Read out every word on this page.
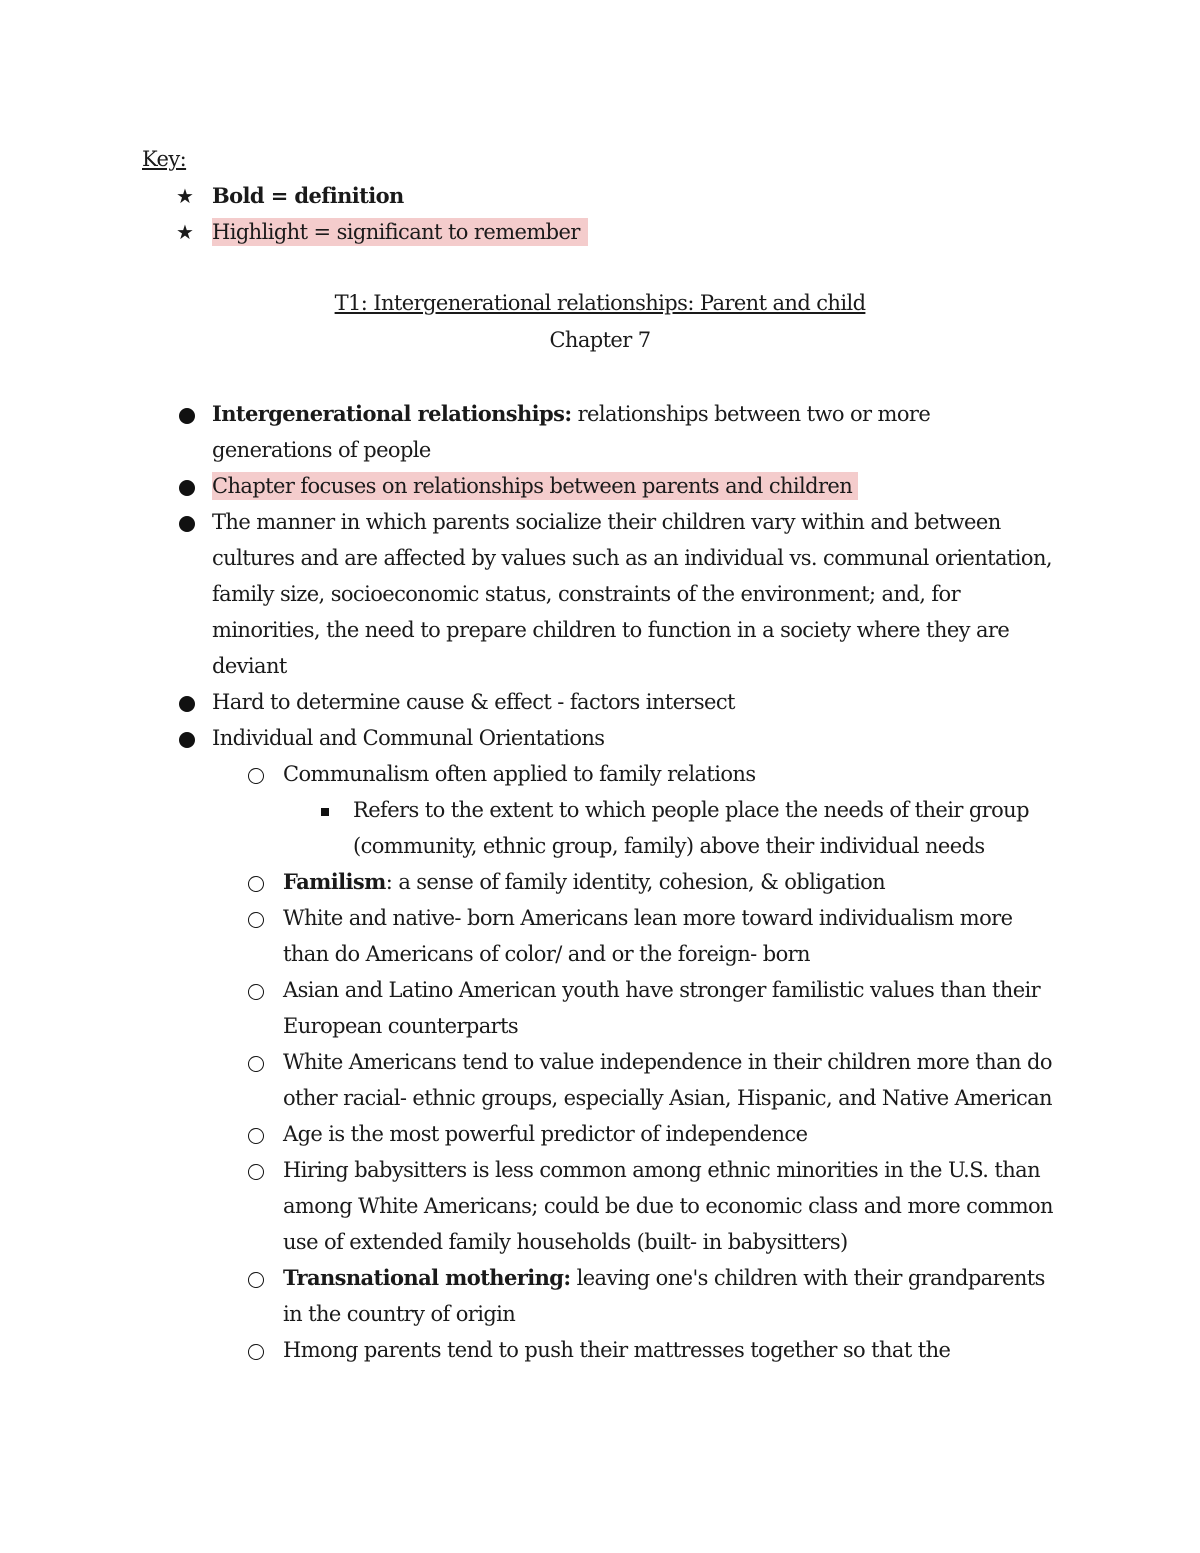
Key:
★ Bold = definition
★ Highlight = significant to remember
T1: Intergenerational relationships: Parent and child
Chapter 7
Intergenerational relationships: relationships between two or more generations of people
Chapter focuses on relationships between parents and children
The manner in which parents socialize their children vary within and between cultures and are affected by values such as an individual vs. communal orientation, family size, socioeconomic status, constraints of the environment; and, for minorities, the need to prepare children to function in a society where they are deviant
Hard to determine cause & effect - factors intersect
Individual and Communal Orientations
Communalism often applied to family relations
Refers to the extent to which people place the needs of their group (community, ethnic group, family) above their individual needs
Familism: a sense of family identity, cohesion, & obligation
White and native- born Americans lean more toward individualism more than do Americans of color/ and or the foreign- born
Asian and Latino American youth have stronger familistic values than their European counterparts
White Americans tend to value independence in their children more than do other racial- ethnic groups, especially Asian, Hispanic, and Native American
Age is the most powerful predictor of independence
Hiring babysitters is less common among ethnic minorities in the U.S. than among White Americans; could be due to economic class and more common use of extended family households (built- in babysitters)
Transnational mothering: leaving one's children with their grandparents in the country of origin
Hmong parents tend to push their mattresses together so that the
